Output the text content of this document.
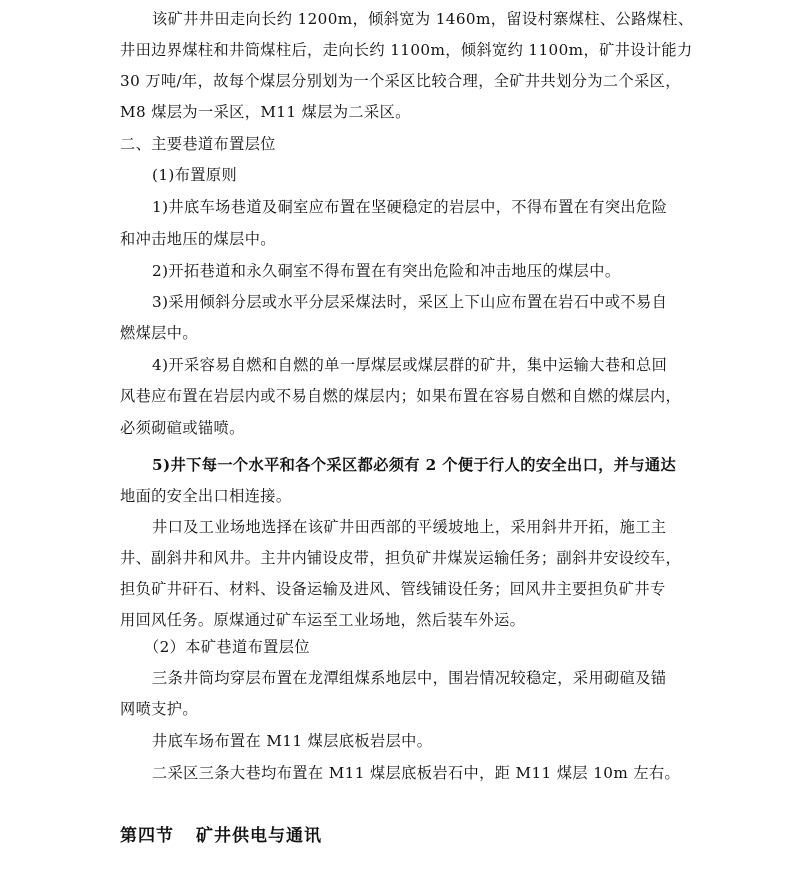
该矿井井田走向长约 1200m，倾斜宽为 1460m，留设村寨煤柱、公路煤柱、
井田边界煤柱和井筒煤柱后，走向长约 1100m，倾斜宽约 1100m，矿井设计能力
30 万吨/年，故每个煤层分别划为一个采区比较合理，全矿井共划分为二个采区，
M8 煤层为一采区，M11 煤层为二采区。
二、主要巷道布置层位
(1)布置原则
1)井底车场巷道及硐室应布置在坚硬稳定的岩层中，不得布置在有突出危险
和冲击地压的煤层中。
2)开拓巷道和永久硐室不得布置在有突出危险和冲击地压的煤层中。
3)采用倾斜分层或水平分层采煤法时，采区上下山应布置在岩石中或不易自
燃煤层中。
4)开采容易自燃和自燃的单一厚煤层或煤层群的矿井，集中运输大巷和总回
风巷应布置在岩层内或不易自燃的煤层内；如果布置在容易自燃和自燃的煤层内，
必须砌碹或锚喷。
5)井下每一个水平和各个采区都必须有 2 个便于行人的安全出口，并与通达
地面的安全出口相连接。
井口及工业场地选择在该矿井田西部的平缓坡地上，采用斜井开拓，施工主
井、副斜井和风井。主井内铺设皮带，担负矿井煤炭运输任务；副斜井安设绞车，
担负矿井矸石、材料、设备运输及进风、管线铺设任务；回风井主要担负矿井专
用回风任务。原煤通过矿车运至工业场地，然后装车外运。
（2）本矿巷道布置层位
三条井筒均穿层布置在龙潭组煤系地层中，围岩情况较稳定，采用砌碹及锚
网喷支护。
井底车场布置在 M11 煤层底板岩层中。
二采区三条大巷均布置在 M11 煤层底板岩石中，距 M11 煤层 10m 左右。
第四节 矿井供电与通讯
